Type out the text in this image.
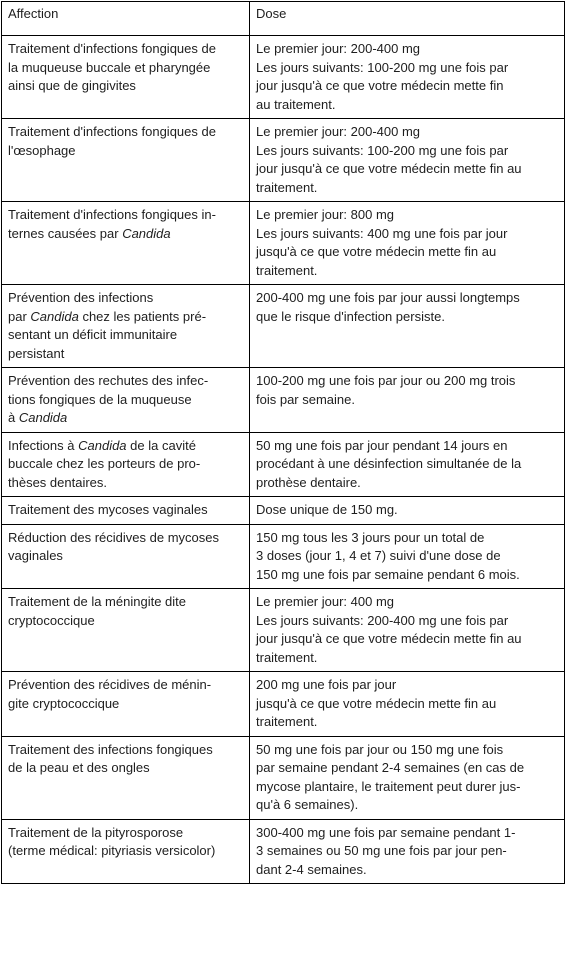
Affection	Dose

Traitement d'infections fongiques de
la muqueuse buccale et pharyngée
ainsi que de gingivites	Le premier jour: 200-400 mg
Les jours suivants: 100-200 mg une fois par
jour jusqu'à ce que votre médecin mette fin
au traitement.

Traitement d'infections fongiques de
l'œsophage	Le premier jour: 200-400 mg
Les jours suivants: 100-200 mg une fois par
jour jusqu'à ce que votre médecin mette fin au
traitement.

Traitement d'infections fongiques in-
ternes causées par Candida	Le premier jour: 800 mg
Les jours suivants: 400 mg une fois par jour
jusqu'à ce que votre médecin mette fin au
traitement.

Prévention des infections
par Candida chez les patients pré-
sentant un déficit immunitaire
persistant	200-400 mg une fois par jour aussi longtemps
que le risque d'infection persiste.

Prévention des rechutes des infec-
tions fongiques de la muqueuse
à Candida	100-200 mg une fois par jour ou 200 mg trois
fois par semaine.

Infections à Candida de la cavité
buccale chez les porteurs de pro-
thèses dentaires.	50 mg une fois par jour pendant 14 jours en
procédant à une désinfection simultanée de la
prothèse dentaire.

Traitement des mycoses vaginales	Dose unique de 150 mg.

Réduction des récidives de mycoses
vaginales	150 mg tous les 3 jours pour un total de
3 doses (jour 1, 4 et 7) suivi d'une dose de
150 mg une fois par semaine pendant 6 mois.

Traitement de la méningite dite
cryptococcique	Le premier jour: 400 mg
Les jours suivants: 200-400 mg une fois par
jour jusqu'à ce que votre médecin mette fin au
traitement.

Prévention des récidives de ménin-
gite cryptococcique	200 mg une fois par jour
jusqu'à ce que votre médecin mette fin au
traitement.

Traitement des infections fongiques
de la peau et des ongles	50 mg une fois par jour ou 150 mg une fois
par semaine pendant 2-4 semaines (en cas de
mycose plantaire, le traitement peut durer jus-
qu'à 6 semaines).

Traitement de la pityrosporose
(terme médical: pityriasis versicolor)	300-400 mg une fois par semaine pendant 1-
3 semaines ou 50 mg une fois par jour pen-
dant 2-4 semaines.
